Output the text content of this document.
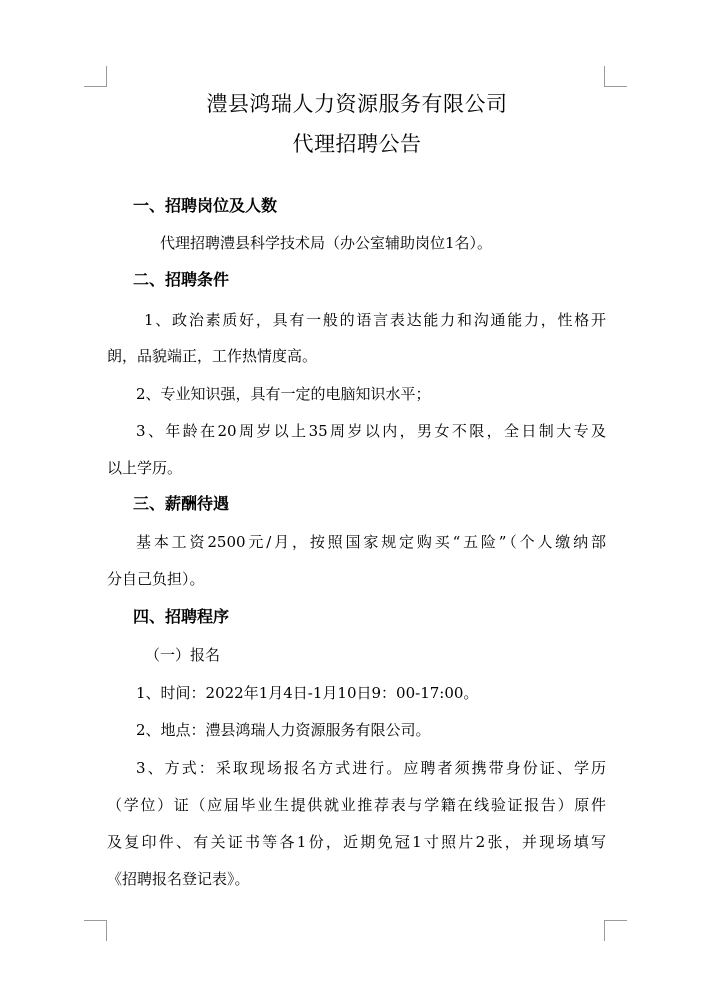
澧县鸿瑞人力资源服务有限公司
代理招聘公告
一、招聘岗位及人数
代理招聘澧县科学技术局（办公室辅助岗位1名）。
二、招聘条件
1、政治素质好，具有一般的语言表达能力和沟通能力，性格开
朗，品貌端正，工作热情度高。
2、专业知识强，具有一定的电脑知识水平；
3、年龄在20周岁以上35周岁以内，男女不限，全日制大专及
以上学历。
三、薪酬待遇
基本工资2500元/月，按照国家规定购买“五险”（个人缴纳部
分自己负担）。
四、招聘程序
（一）报名
1、时间：2022年1月4日-1月10日9：00-17:00。
2、地点：澧县鸿瑞人力资源服务有限公司。
3、方式：采取现场报名方式进行。应聘者须携带身份证、学历
（学位）证（应届毕业生提供就业推荐表与学籍在线验证报告）原件
及复印件、有关证书等各1份，近期免冠1寸照片2张，并现场填写
《招聘报名登记表》。
